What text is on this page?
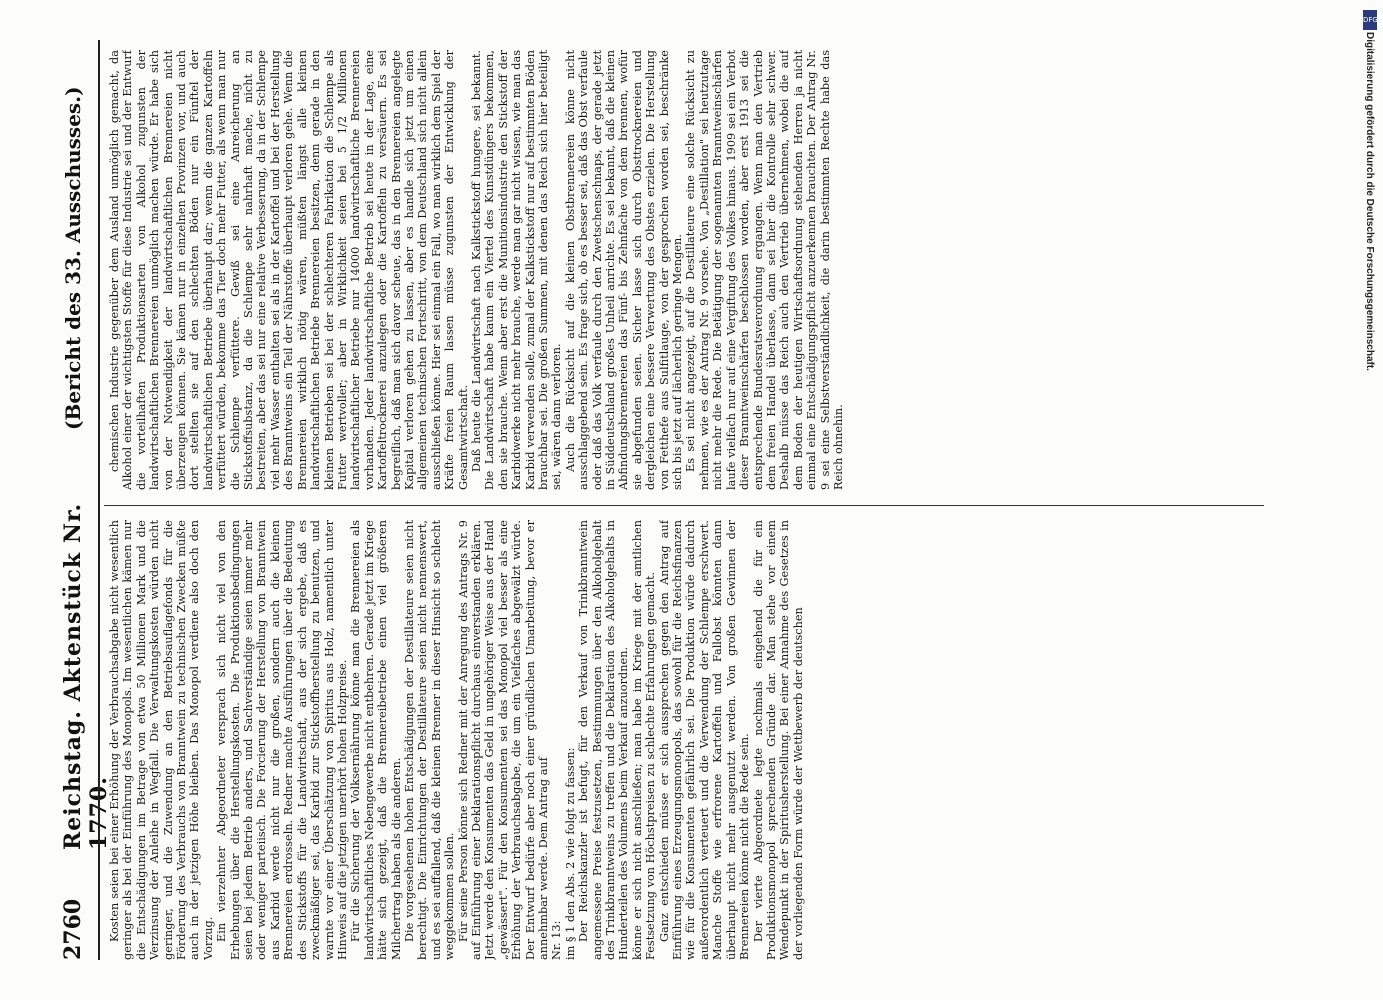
2760
Reichstag. Aktenstück Nr. 1770.
(Bericht des 33. Ausschusses.)

Kosten seien bei einer Erhöhung der Verbrauchsabgabe nicht wesentlich geringer als bei der Einführung des Monopols. Im wesentlichen kämen nur die Entschädigungen im Betrage von etwa 50 Millionen Mark und die Verzinsung der Anleihe in Wegfall. Die Verwaltungskosten würden nicht geringer, und die Zuwendung an den Betriebsauflagefonds für die Förderung des Verbrauchs von Branntwein zu technischen Zwecken müßte auch in der jetzigen Höhe bleiben. Das Monopol verdiene also doch den Vorzug. Ein vierzehnter Abgeordneter versprach sich nicht viel von den Erhebungen über die Herstellungskosten. Die Produktionsbedingungen seien bei jedem Betrieb anders, und Sachverständige seien immer mehr oder weniger parteiisch. Die Forcierung der Herstellung von Branntwein aus Karbid werde nicht nur die großen, sondern auch die kleinen Brennereien erdrosseln. Redner machte Ausführungen über die Bedeutung des Stickstoffs für die Landwirtschaft, aus der sich ergebe, daß es zweckmäßiger sei, das Karbid zur Stickstoffherstellung zu benutzen, und warnte vor einer Überschätzung von Spiritus aus Holz, namentlich unter Hinweis auf die jetzigen unerhört hohen Holzpreise. Für die Sicherung der Volksernährung könne man die Brennereien als landwirtschaftliches Nebengewerbe nicht entbehren. Gerade jetzt im Kriege hätte sich gezeigt, daß die Brennereibetriebe einen viel größeren Milchertrag haben als die anderen. Die vorgesehenen hohen Entschädigungen der Destillateure seien nicht berechtigt. Die Einrichtungen der Destillateure seien nicht nennenswert, und es sei auffallend, daß die kleinen Brenner in dieser Hinsicht so schlecht weggekommen sollen. Für seine Person könne sich Redner mit der Anregung des Antrags Nr. 9 auf Einführung einer Deklarationspflicht durchaus einverstanden erklären. Jetzt werde den Konsumenten das Geld in ungehöriger Weise aus der Hand „gewässert". Für den Konsumenten sei das Monopol viel besser als eine Erhöhung der Verbrauchsabgabe, die um ein Vielfaches abgewälzt würde. Der Entwurf bedürfe aber noch einer gründlichen Umarbeitung, bevor er annehmbar werde. Dem Antrag auf Nr. 13: im § 1 den Abs. 2 wie folgt zu fassen: Der Reichskanzler ist befugt, für den Verkauf von Trinkbranntwein angemessene Preise festzusetzen, Bestimmungen über den Alkoholgehalt des Trinkbranntweins zu treffen und die Deklaration des Alkoholgehalts in Hunderteilen des Volumens beim Verkauf anzuordnen. könne er sich nicht anschließen; man habe im Kriege mit der amtlichen Festsetzung von Höchstpreisen zu schlechte Erfahrungen gemacht. Ganz entschieden müsse er sich aussprechen gegen den Antrag auf Einführung eines Erzeugungsmonopols, das sowohl für die Reichsfinanzen wie für die Konsumenten gefährlich sei. Die Produktion würde dadurch außerordentlich verteuert und die Verwendung der Schlempe erschwert. Manche Stoffe wie erfrorene Kartoffeln und Fallobst könnten dann überhaupt nicht mehr ausgenutzt werden. Von großen Gewinnen der Brennereien könne nicht die Rede sein. Der vierte Abgeordnete legte nochmals eingehend die für ein Produktionsmonopol sprechenden Gründe dar. Man stehe vor einem Wendepunkt in der Spiritusherstellung. Bei einer Annahme des Gesetzes in der vorliegenden Form würde der Wettbewerb der deutschen

chemischen Industrie gegenüber dem Ausland unmöglich gemacht, da Alkohol einer der wichtigsten Stoffe für diese Industrie sei und der Entwurf die vorteilhaften Produktionsarten von Alkohol zugunsten der landwirtschaftlichen Brennereien unmöglich machen würde. Er habe sich von der Notwendigkeit der landwirtschaftlichen Brennereien nicht überzeugen können. Sie kämen nur in einzelnen Provinzen vor, und auch dort stellten sie auf den schlechten Böden nur ein Fünftel der landwirtschaftlichen Betriebe überhaupt dar; wenn die ganzen Kartoffeln verfüttert würden, bekomme das Tier doch mehr Futter, als wenn man nur die Schlempe verfüttere. Gewiß sei eine Anreicherung an Stickstoffsubstanz, da die Schlempe sehr nahrhaft mache, nicht zu bestreiten, aber das sei nur eine relative Verbesserung, da in der Schlempe viel mehr Wasser enthalten sei als in der Kartoffel und bei der Herstellung des Branntweins ein Teil der Nährstoffe überhaupt verloren gehe. Wenn die Brennereien wirklich nötig wären, müßten längst alle kleinen landwirtschaftlichen Betriebe Brennereien besitzen, denn gerade in den kleinen Betrieben sei bei der schlechteren Fabrikation die Schlempe als Futter wertvoller; aber in Wirklichkeit seien bei 5 1/2 Millionen landwirtschaftlicher Betriebe nur 14000 landwirtschaftliche Brennereien vorhanden. Jeder landwirtschaftliche Betrieb sei heute in der Lage, eine Kartoffeltrocknerei anzulegen oder die Kartoffeln zu versäuern. Es sei begreiflich, daß man sich davor scheue, das in den Brennereien angelegte Kapital verloren gehen zu lassen, aber es handle sich jetzt um einen allgemeinen technischen Fortschritt, von dem Deutschland sich nicht allein ausschließen könne. Hier sei einmal ein Fall, wo man wirklich dem Spiel der Kräfte freien Raum lassen müsse zugunsten der Entwicklung der Gesamtwirtschaft. Daß heute die Landwirtschaft nach Kalkstickstoff hungere, sei bekannt. Die Landwirtschaft habe kaum ein Viertel des Kunstdüngers bekommen, den sie brauche. Wenn aber erst die Munitionsindustrie den Stickstoff der Karbidwerke nicht mehr brauche, werde man gar nicht wissen, wie man das Karbid verwenden solle, zumal der Kalkstickstoff nur auf bestimmten Böden brauchbar sei. Die großen Summen, mit denen das Reich sich hier beteiligt sei, wären dann verloren. Auch die Rücksicht auf die kleinen Obstbrennereien könne nicht ausschlaggebend sein. Es frage sich, ob es besser sei, daß das Obst verfaule oder daß das Volk verfaule durch den Zwetschenschnaps, der gerade jetzt in Süddeutschland großes Unheil anrichte. Es sei bekannt, daß die kleinen Abfindungsbrennereien das Fünf- bis Zehnfache von dem brennen, wofür sie abgefunden seien. Sicher lasse sich durch Obsttrocknereien und dergleichen eine bessere Verwertung des Obstes erzielen. Die Herstellung von Fetthefe aus Sulfitlauge, von der gesprochen worden sei, beschränke sich bis jetzt auf lächerlich geringe Mengen. Es sei nicht angezeigt, auf die Destillateure eine solche Rücksicht zu nehmen, wie es der Antrag Nr. 9 vorsehe. Von „Destillation" sei heutzutage nicht mehr die Rede. Die Betätigung der sogenannten Branntweinschärfen laufe vielfach nur auf eine Vergiftung des Volkes hinaus. 1909 sei ein Verbot dieser Branntweinschärfen beschlossen worden, aber erst 1913 sei die entsprechende Bundesratsverordnung ergangen. Wenn man den Vertrieb dem freien Handel überlasse, dann sei hier die Kontrolle sehr schwer. Deshalb müsse das Reich auch den Vertrieb übernehmen, wobei die auf dem Boden der heutigen Wirtschaftsordnung stehenden Herren ja nicht einmal eine Entschädigungspflicht anzuerkennen brauchten. Der Antrag Nr. 9 sei eine Selbstverständlichkeit, die darin bestimmten Rechte habe das Reich ohnehin.

DFG
Digitalisierung gefördert durch die Deutsche Forschungsgemeinschaft.
